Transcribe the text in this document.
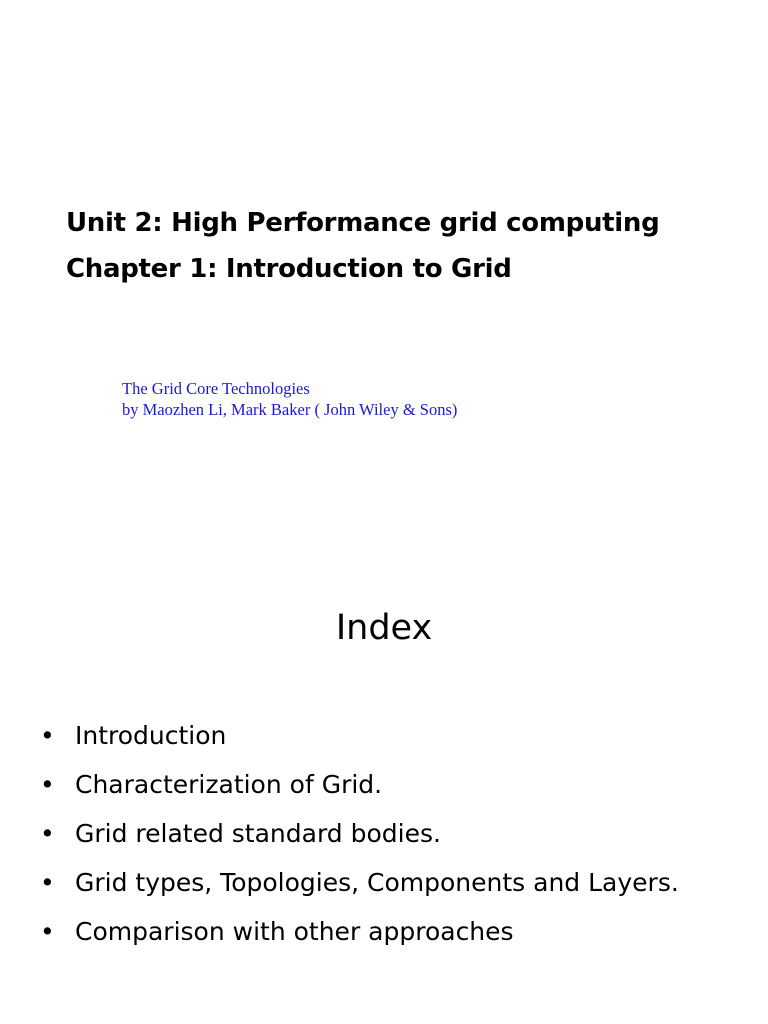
Unit 2: High Performance grid computing
Chapter 1: Introduction to Grid
The Grid Core Technologies
by Maozhen Li, Mark Baker ( John Wiley & Sons)
Index
• Introduction
• Characterization of Grid.
• Grid related standard bodies.
• Grid types, Topologies, Components and Layers.
• Comparison with other approaches
